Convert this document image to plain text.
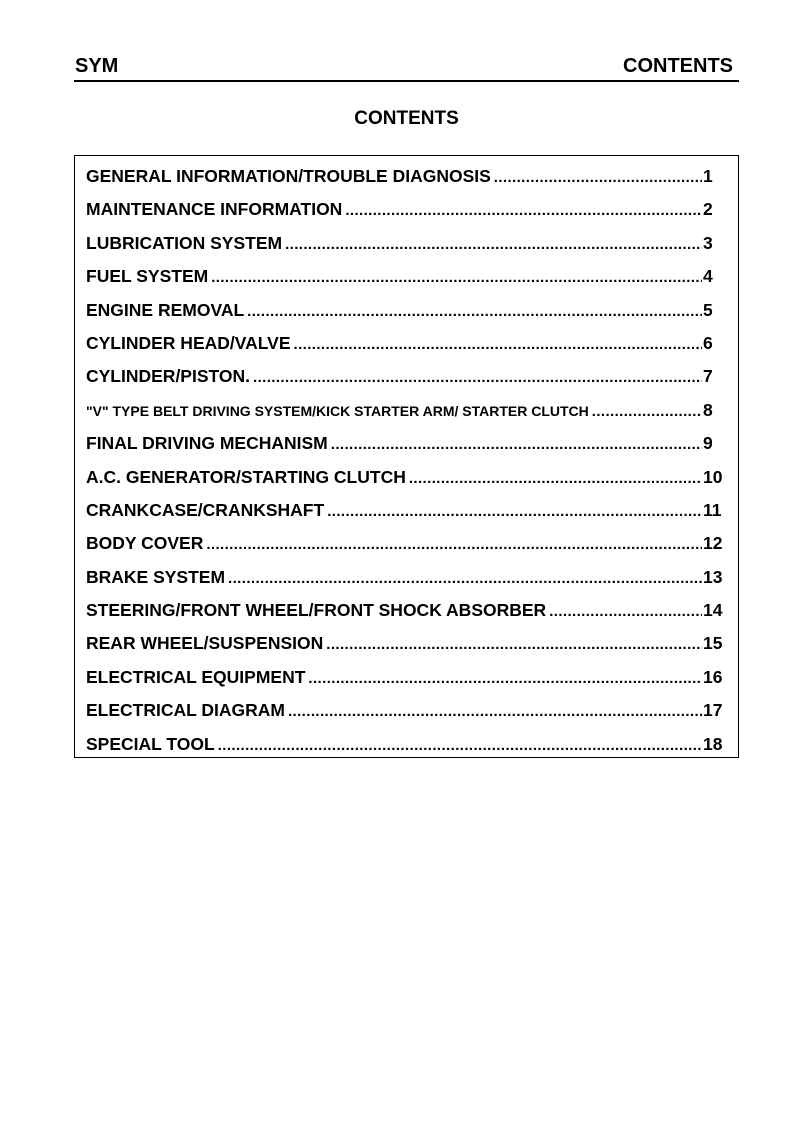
SYM	CONTENTS
CONTENTS
GENERAL INFORMATION/TROUBLE DIAGNOSIS .....	1
MAINTENANCE INFORMATION .....	2
LUBRICATION SYSTEM .....	3
FUEL SYSTEM .....	4
ENGINE REMOVAL .....	5
CYLINDER HEAD/VALVE .....	6
CYLINDER/PISTON. .....	7
"V" TYPE BELT DRIVING SYSTEM/KICK STARTER ARM/ STARTER CLUTCH .....	8
FINAL DRIVING MECHANISM .....	9
A.C. GENERATOR/STARTING CLUTCH .....	10
CRANKCASE/CRANKSHAFT .....	11
BODY COVER .....	12
BRAKE SYSTEM .....	13
STEERING/FRONT WHEEL/FRONT SHOCK ABSORBER .....	14
REAR WHEEL/SUSPENSION .....	15
ELECTRICAL EQUIPMENT .....	16
ELECTRICAL DIAGRAM .....	17
SPECIAL TOOL .....	18
